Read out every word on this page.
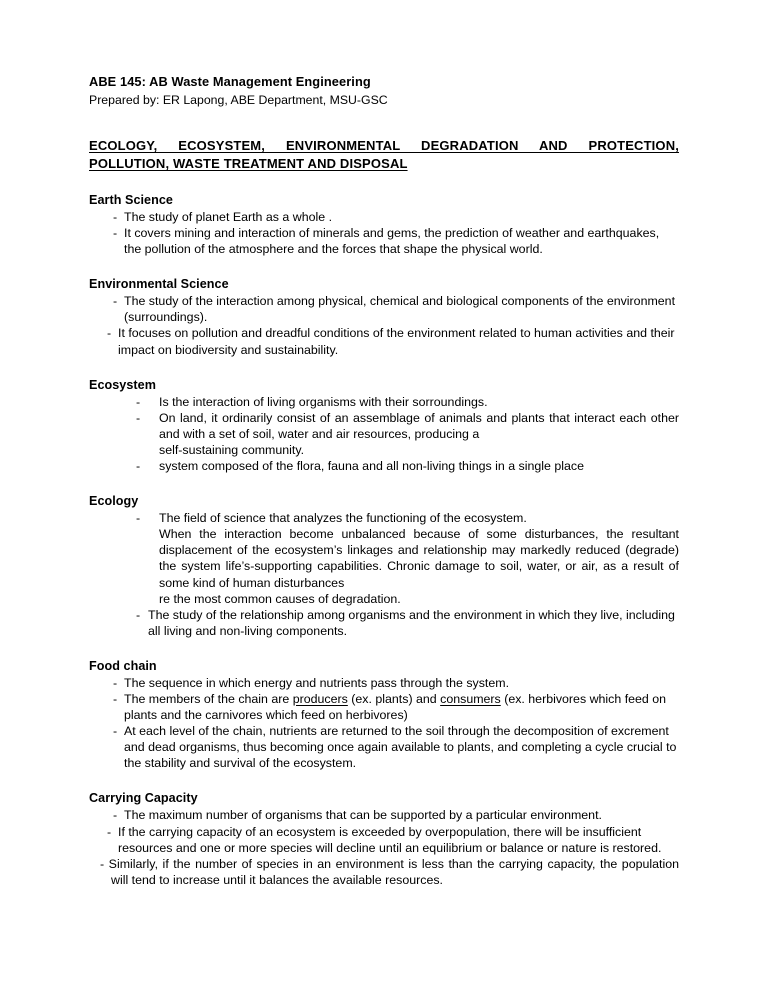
ABE 145: AB Waste Management Engineering
Prepared by: ER Lapong, ABE Department, MSU-GSC
ECOLOGY, ECOSYSTEM, ENVIRONMENTAL DEGRADATION AND PROTECTION,
POLLUTION, WASTE TREATMENT AND DISPOSAL
Earth Science
- The study of planet Earth as a whole .
- It covers mining and interaction of minerals and gems, the prediction of weather and earthquakes, the pollution of the atmosphere and the forces that shape the physical world.
Environmental Science
- The study of the interaction among physical, chemical and biological components of the environment (surroundings).
- It focuses on pollution and dreadful conditions of the environment related to human activities and their impact on biodiversity and sustainability.
Ecosystem
-	Is the interaction of living organisms with their sorroundings.
-	On land, it ordinarily consist of an assemblage of animals and plants that interact each other and with a set of soil, water and air resources, producing a
self-sustaining community.
-	system composed of the flora, fauna and all non-living things in a single place
Ecology
-	The field of science that analyzes the functioning of the ecosystem.
When the interaction become unbalanced because of some disturbances, the resultant displacement of the ecosystem’s linkages and relationship may markedly reduced (degrade) the system life’s-supporting capabilities. Chronic damage to soil, water, or air, as a result of some kind of human disturbances
re the most common causes of degradation.
- The study of the relationship among organisms and the environment in which they live, including all living and non-living components.
Food chain
- The sequence in which energy and nutrients pass through the system.
- The members of the chain are producers (ex. plants) and consumers (ex. herbivores which feed on plants and the carnivores which feed on herbivores)
- At each level of the chain, nutrients are returned to the soil through the decomposition of excrement and dead organisms, thus becoming once again available to plants, and completing a cycle crucial to the stability and survival of the ecosystem.
Carrying Capacity
- The maximum number of organisms that can be supported by a particular environment.
- If the carrying capacity of an ecosystem is exceeded by overpopulation, there will be insufficient resources and one or more species will decline until an equilibrium or balance or nature is restored.
- Similarly, if the number of species in an environment is less than the carrying capacity, the population will tend to increase until it balances the available resources.
